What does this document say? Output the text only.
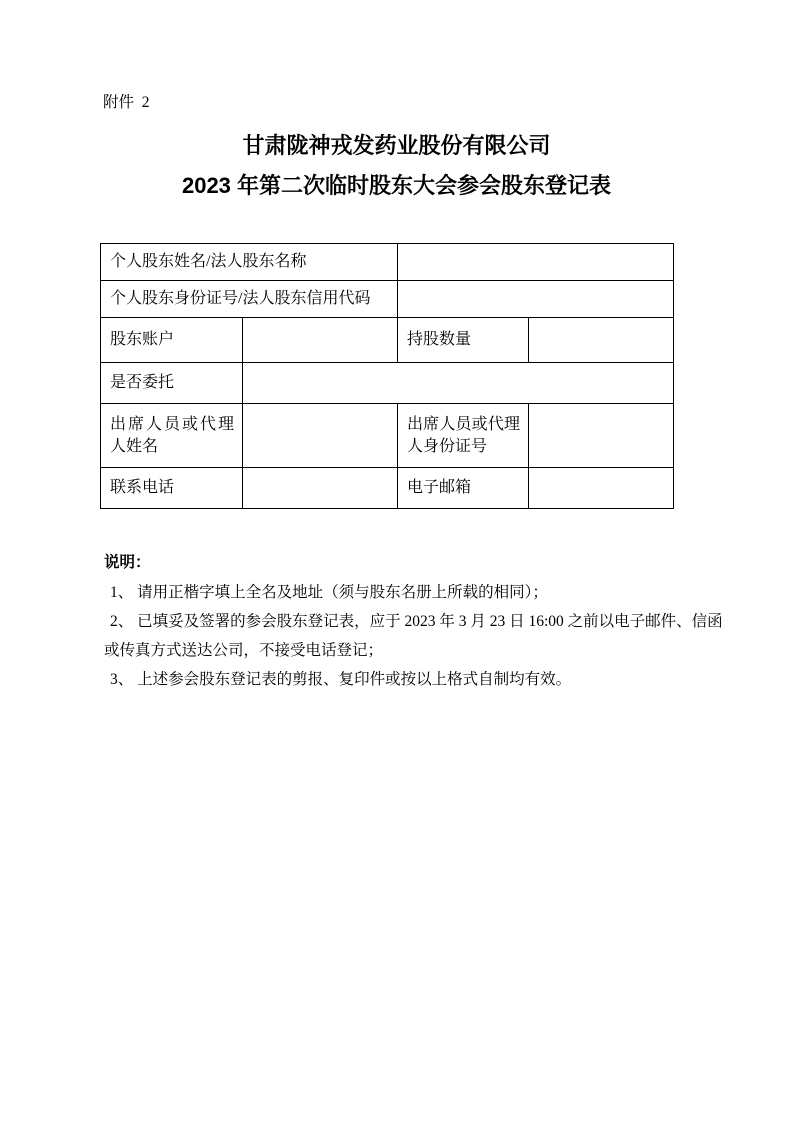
附件  2
甘肃陇神戎发药业股份有限公司
2023 年第二次临时股东大会参会股东登记表
个人股东姓名/法人股东名称			
个人股东身份证号/法人股东信用代码			
股东账户		持股数量	
是否委托			
出席人员或代理人姓名		出席人员或代理人身份证号	
联系电话		电子邮箱	
说明：
1、 请用正楷字填上全名及地址（须与股东名册上所载的相同）；
2、 已填妥及签署的参会股东登记表，应于 2023 年 3 月 23 日 16:00 之前以电子邮件、信函
或传真方式送达公司，不接受电话登记；
3、 上述参会股东登记表的剪报、复印件或按以上格式自制均有效。
